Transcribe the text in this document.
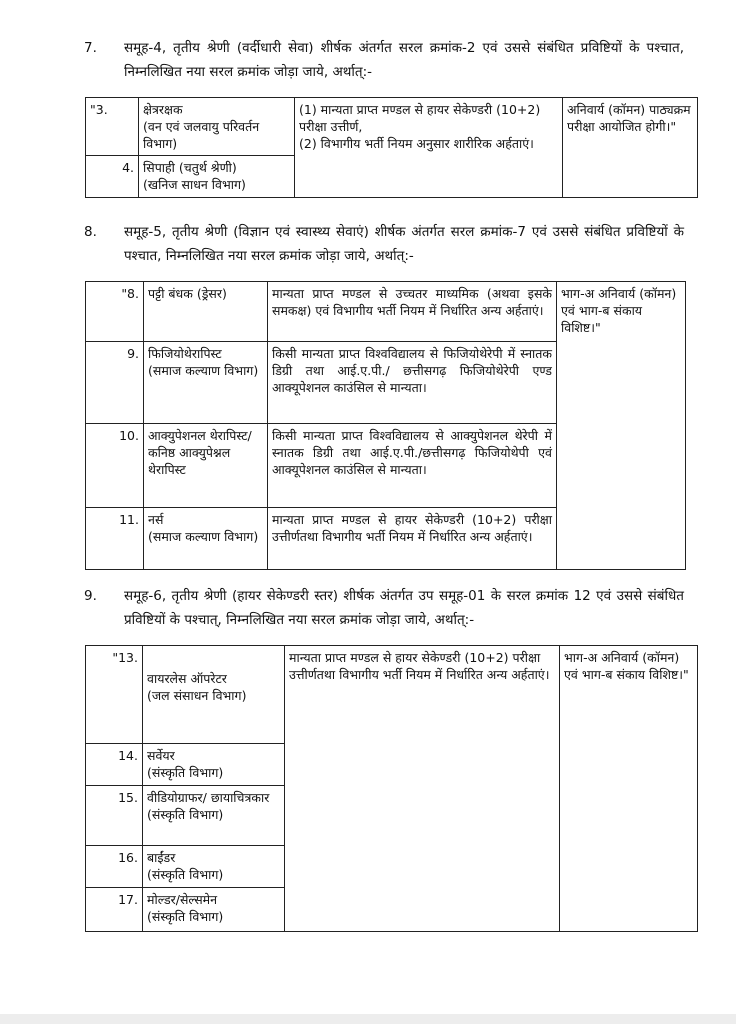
7. समूह-4, तृतीय श्रेणी (वर्दीधारी सेवा) शीर्षक अंतर्गत सरल क्रमांक-2 एवं उससे संबंधित प्रविष्टियों के पश्चात, निम्नलिखित नया सरल क्रमांक जोड़ा जाये, अर्थात्:-
"3.	क्षेत्ररक्षक
(वन एवं जलवायु परिवर्तन विभाग)	(1) मान्यता प्राप्त मण्डल से हायर सेकेण्डरी (10+2) परीक्षा उत्तीर्ण,
(2) विभागीय भर्ती नियम अनुसार शारीरिक अर्हताएं।	अनिवार्य (कॉमन) पाठ्यक्रम परीक्षा आयोजित होगी।"
4.	सिपाही (चतुर्थ श्रेणी)
(खनिज साधन विभाग)		
8. समूह-5, तृतीय श्रेणी (विज्ञान एवं स्वास्थ्य सेवाएं) शीर्षक अंतर्गत सरल क्रमांक-7 एवं उससे संबंधित प्रविष्टियों के पश्चात, निम्नलिखित नया सरल क्रमांक जोड़ा जाये, अर्थात्:-
"8.	पट्टी बंधक (ड्रेसर)	मान्यता प्राप्त मण्डल से उच्चतर माध्यमिक (अथवा इसके समकक्ष) एवं विभागीय भर्ती नियम में निर्धारित अन्य अर्हताएं।	भाग-अ अनिवार्य (कॉमन) एवं भाग-ब संकाय विशिष्ट।"
9.	फिजियोथेरापिस्ट
(समाज कल्याण विभाग)	किसी मान्यता प्राप्त विश्वविद्यालय से फिजियोथेरेपी में स्नातक डिग्री तथा आई.ए.पी./ छत्तीसगढ़ फिजियोथेरेपी एण्ड आक्यूपेशनल काउंसिल से मान्यता।	
10.	आक्युपेशनल थेरापिस्ट/ कनिष्ठ आक्युपेश्नल थेरापिस्ट	किसी मान्यता प्राप्त विश्वविद्यालय से आक्युपेशनल थेरेपी में स्नातक डिग्री तथा आई.ए.पी./छत्तीसगढ़ फिजियोथेपी एवं आक्यूपेशनल काउंसिल से मान्यता।	
11.	नर्स
(समाज कल्याण विभाग)	मान्यता प्राप्त मण्डल से हायर सेकेण्डरी (10+2) परीक्षा उत्तीर्णतथा विभागीय भर्ती नियम में निर्धारित अन्य अर्हताएं।	
9. समूह-6, तृतीय श्रेणी (हायर सेकेण्डरी स्तर) शीर्षक अंतर्गत उप समूह-01 के सरल क्रमांक 12 एवं उससे संबंधित प्रविष्टियों के पश्चात्, निम्नलिखित नया सरल क्रमांक जोड़ा जाये, अर्थात्:-
"13.	वायरलेस ऑपरेटर
(जल संसाधन विभाग)	मान्यता प्राप्त मण्डल से हायर सेकेण्डरी (10+2) परीक्षा उत्तीर्णतथा विभागीय भर्ती नियम में निर्धारित अन्य अर्हताएं।	भाग-अ अनिवार्य (कॉमन) एवं भाग-ब संकाय विशिष्ट।"
14.	सर्वेयर
(संस्कृति विभाग)		
15.	वीडियोग्राफर/ छायाचित्रकार
(संस्कृति विभाग)		
16.	बाईंडर
(संस्कृति विभाग)		
17.	मोल्डर/सेल्समेन
(संस्कृति विभाग)		
